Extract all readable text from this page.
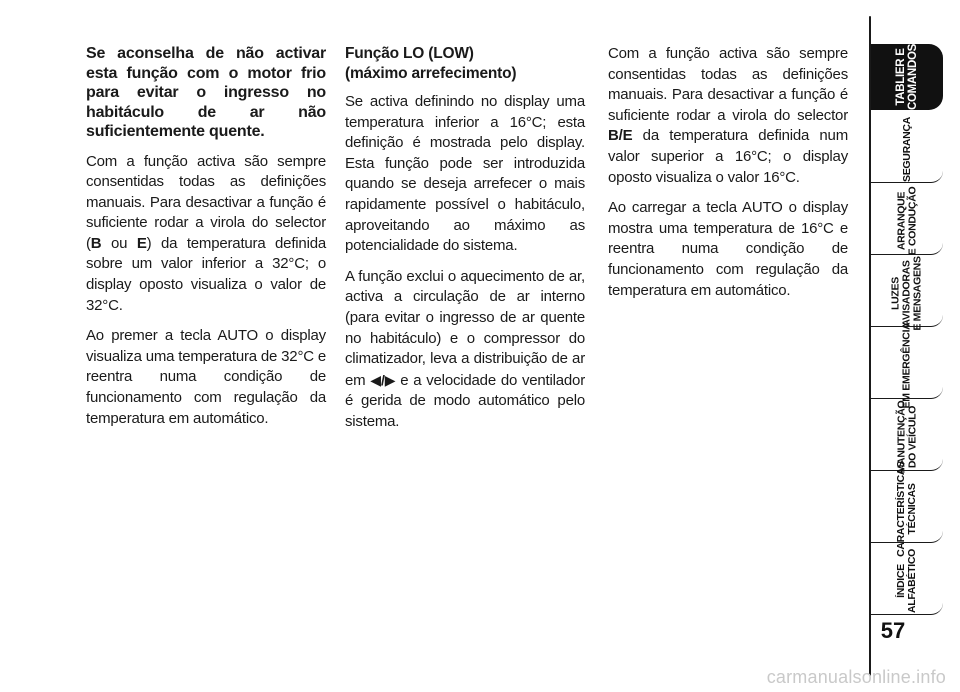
Se aconselha de não activar esta função com o motor frio para evitar o ingresso no habitáculo de ar não suficientemente quente.

Com a função activa são sempre consentidas todas as definições manuais. Para desactivar a função é suficiente rodar a virola do selector (B ou E) da temperatura definida sobre um valor inferior a 32°C; o display oposto visualiza o valor de 32°C.

Ao premer a tecla AUTO o display visualiza uma temperatura de 32°C e reentra numa condição de funcionamento com regulação da temperatura em automático.

Função LO (LOW)
(máximo arrefecimento)

Se activa definindo no display uma temperatura inferior a 16°C; esta definição é mostrada pelo display. Esta função pode ser introduzida quando se deseja arrefecer o mais rapidamente possível o habitáculo, aproveitando ao máximo as potencialidade do sistema.

A função exclui o aquecimento de ar, activa a circulação de ar interno (para evitar o ingresso de ar quente no habitáculo) e o compressor do climatizador, leva a distribuição de ar em ◀/▶ e a velocidade do ventilador é gerida de modo automático pelo sistema.

Com a função activa são sempre consentidas todas as definições manuais. Para desactivar a função é suficiente rodar a virola do selector B/E da temperatura definida num valor superior a 16°C; o display oposto visualiza o valor 16°C.

Ao carregar a tecla AUTO o display mostra uma temperatura de 16°C e reentra numa condição de funcionamento com regulação da temperatura em automático.

TABLIER E COMANDOS
SEGURANÇA
ARRANQUE E CONDUÇÃO
LUZES AVISADORAS E MENSAGENS
EM EMERGÊNCIA
MANUTENÇÃO DO VEÍCULO
CARACTERÍSTICAS TÉCNICAS
ÍNDICE ALFABÉTICO
57
carmanualsonline.info
